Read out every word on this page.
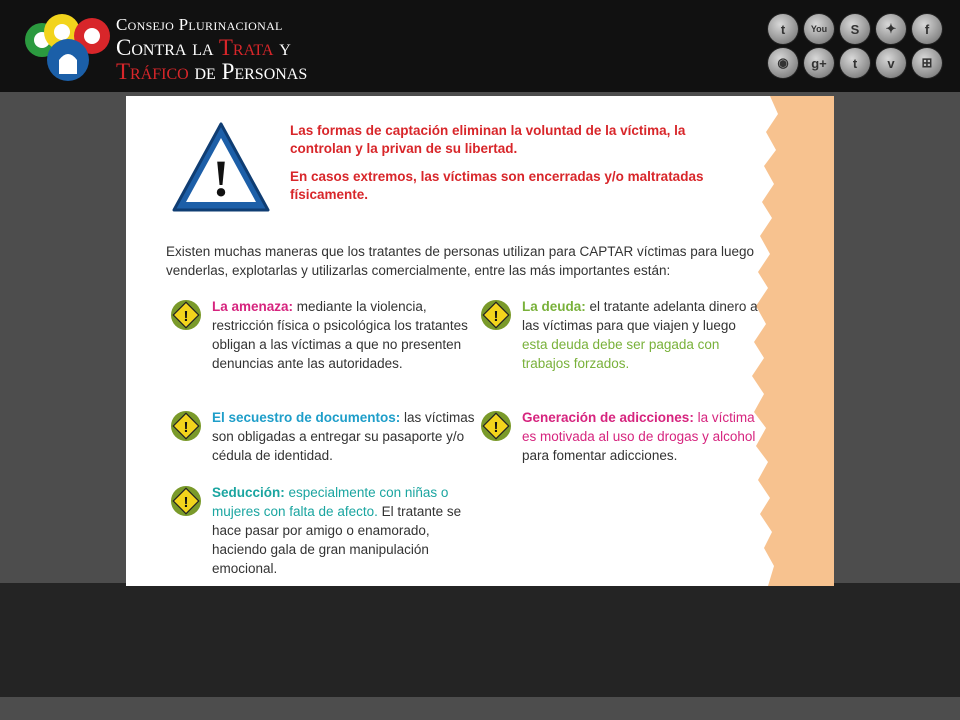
Consejo Plurinacional
Contra la Trata y
Tráfico de Personas
t	You	S	✦	f
◉	g+	t	v	⊞
!

Las formas de captación eliminan la voluntad de la víctima, la controlan y la privan de su libertad.

En casos extremos, las víctimas son encerradas y/o maltratadas físicamente.

Existen muchas maneras que los tratantes de personas utilizan para CAPTAR víctimas para luego venderlas, explotarlas y utilizarlas comercialmente, entre las más importantes están:
!
La amenaza: mediante la violencia, restricción física o psicológica los tratantes obligan a las víctimas a que no presenten denuncias ante las autoridades.
!
El secuestro de documentos: las víctimas son obligadas a entregar su pasaporte y/o cédula de identidad.
!
Seducción: especialmente con niñas o mujeres con falta de afecto. El tratante se hace pasar por amigo o enamorado, haciendo gala de gran manipulación emocional.
!
La deuda: el tratante adelanta dinero a las víctimas para que viajen y luego esta deuda debe ser pagada con trabajos forzados.
!
Generación de adicciones: la víctima es motivada al uso de drogas y alcohol para fomentar adicciones.
